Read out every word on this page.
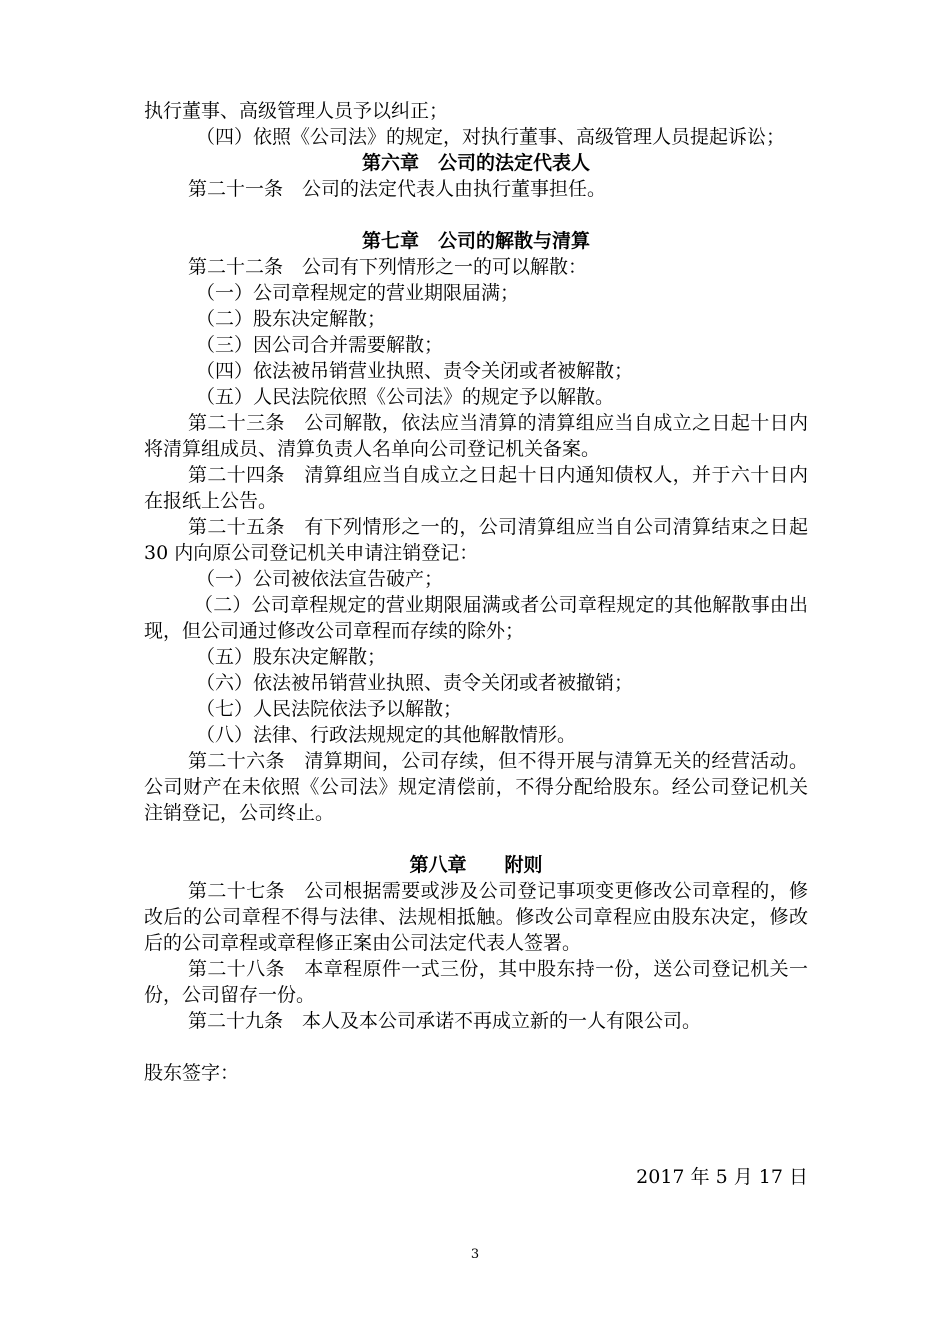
执行董事、高级管理人员予以纠正；

（四）依照《公司法》的规定，对执行董事、高级管理人员提起诉讼；

第六章　公司的法定代表人

第二十一条　公司的法定代表人由执行董事担任。

第七章　公司的解散与清算

第二十二条　公司有下列情形之一的可以解散：

（一）公司章程规定的营业期限届满；

（二）股东决定解散；

（三）因公司合并需要解散；

（四）依法被吊销营业执照、责令关闭或者被解散；

（五）人民法院依照《公司法》的规定予以解散。

第二十三条　公司解散，依法应当清算的清算组应当自成立之日起十日内将清算组成员、清算负责人名单向公司登记机关备案。

第二十四条　清算组应当自成立之日起十日内通知债权人，并于六十日内在报纸上公告。

第二十五条　有下列情形之一的，公司清算组应当自公司清算结束之日起 30 内向原公司登记机关申请注销登记：

（一）公司被依法宣告破产；

（二）公司章程规定的营业期限届满或者公司章程规定的其他解散事由出现，但公司通过修改公司章程而存续的除外；

（五）股东决定解散；

（六）依法被吊销营业执照、责令关闭或者被撤销；

（七）人民法院依法予以解散；

（八）法律、行政法规规定的其他解散情形。

第二十六条　清算期间，公司存续，但不得开展与清算无关的经营活动。公司财产在未依照《公司法》规定清偿前，不得分配给股东。经公司登记机关注销登记，公司终止。

第八章　　附则

第二十七条　公司根据需要或涉及公司登记事项变更修改公司章程的，修改后的公司章程不得与法律、法规相抵触。修改公司章程应由股东决定，修改后的公司章程或章程修正案由公司法定代表人签署。

第二十八条　本章程原件一式三份，其中股东持一份，送公司登记机关一份，公司留存一份。

第二十九条　本人及本公司承诺不再成立新的一人有限公司。

股东签字：

2017 年 5 月 17 日

3
